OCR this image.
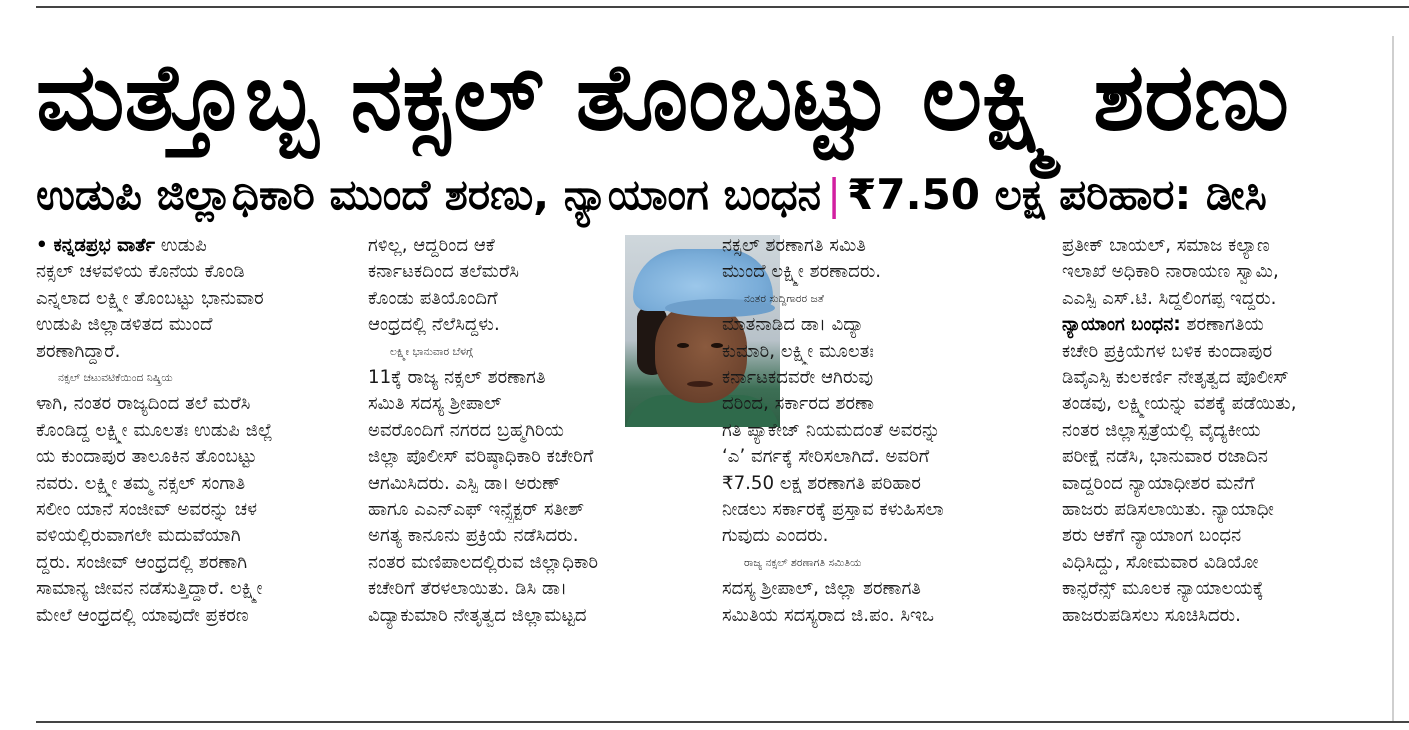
ಮತ್ತೊಬ್ಬ ನಕ್ಸಲ್ ತೊಂಬಟ್ಟು ಲಕ್ಷ್ಮಿ ಶರಣು
ಉಡುಪಿ ಜಿಲ್ಲಾಧಿಕಾರಿ ಮುಂದೆ ಶರಣು, ನ್ಯಾಯಾಂಗ ಬಂಧನ | ₹7.50 ಲಕ್ಷ ಪರಿಹಾರ: ಡೀಸಿ
• ಕನ್ನಡಪ್ರಭ ವಾರ್ತೆ ಉಡುಪಿ
ನಕ್ಸಲ್ ಚಳವಳಿಯ ಕೊನೆಯ ಕೊಂಡಿ
ಎನ್ನಲಾದ ಲಕ್ಷ್ಮೀ ತೊಂಬಟ್ಟು ಭಾನುವಾರ
ಉಡುಪಿ ಜಿಲ್ಲಾಡಳಿತದ ಮುಂದೆ
ಶರಣಾಗಿದ್ದಾರೆ.
ನಕ್ಸಲ್ ಚಟುವಟಿಕೆಯಿಂದ ನಿಷ್ಕ್ರಿಯ
ಳಾಗಿ, ನಂತರ ರಾಜ್ಯದಿಂದ ತಲೆ ಮರೆಸಿ
ಕೊಂಡಿದ್ದ ಲಕ್ಷ್ಮೀ ಮೂಲತಃ ಉಡುಪಿ ಜಿಲ್ಲೆ
ಯ ಕುಂದಾಪುರ ತಾಲೂಕಿನ ತೊಂಬಟ್ಟು
ನವರು. ಲಕ್ಷ್ಮೀ ತಮ್ಮ ನಕ್ಸಲ್ ಸಂಗಾತಿ
ಸಲೀಂ ಯಾನೆ ಸಂಜೀವ್ ಅವರನ್ನು ಚಳ
ವಳಿಯಲ್ಲಿರುವಾಗಲೇ ಮದುವೆಯಾಗಿ
ದ್ದರು. ಸಂಜೀವ್ ಆಂಧ್ರದಲ್ಲಿ ಶರಣಾಗಿ
ಸಾಮಾನ್ಯ ಜೀವನ ನಡೆಸುತ್ತಿದ್ದಾರೆ. ಲಕ್ಷ್ಮೀ
ಮೇಲೆ ಆಂಧ್ರದಲ್ಲಿ ಯಾವುದೇ ಪ್ರಕರಣ
ಗಳಿಲ್ಲ, ಆದ್ದರಿಂದ ಆಕೆ
ಕರ್ನಾಟಕದಿಂದ ತಲೆಮರೆಸಿ
ಕೊಂಡು ಪತಿಯೊಂದಿಗೆ
ಆಂಧ್ರದಲ್ಲಿ ನೆಲೆಸಿದ್ದಳು.
ಲಕ್ಷ್ಮೀ ಭಾನುವಾರ ಬೆಳಗ್ಗೆ
11ಕ್ಕೆ ರಾಜ್ಯ ನಕ್ಸಲ್ ಶರಣಾಗತಿ
ಸಮಿತಿ ಸದಸ್ಯ ಶ್ರೀಪಾಲ್
ಅವರೊಂದಿಗೆ ನಗರದ ಬ್ರಹ್ಮಗಿರಿಯ
ಜಿಲ್ಲಾ ಪೊಲೀಸ್ ವರಿಷ್ಠಾಧಿಕಾರಿ ಕಚೇರಿಗೆ
ಆಗಮಿಸಿದರು. ಎಸ್ಪಿ ಡಾ। ಅರುಣ್
ಹಾಗೂ ಎಎನ್ಎಫ್ ಇನ್ಸ್ಪೆಕ್ಟರ್ ಸತೀಶ್
ಅಗತ್ಯ ಕಾನೂನು ಪ್ರಕ್ರಿಯೆ ನಡೆಸಿದರು.
ನಂತರ ಮಣಿಪಾಲದಲ್ಲಿರುವ ಜಿಲ್ಲಾಧಿಕಾರಿ
ಕಚೇರಿಗೆ ತೆರಳಲಾಯಿತು. ಡಿಸಿ ಡಾ।
ವಿದ್ಯಾಕುಮಾರಿ ನೇತೃತ್ವದ ಜಿಲ್ಲಾಮಟ್ಟದ
ನಕ್ಸಲ್ ಶರಣಾಗತಿ ಸಮಿತಿ
ಮುಂದೆ ಲಕ್ಷ್ಮೀ ಶರಣಾದರು.
ನಂತರ ಸುದ್ದಿಗಾರರ ಜತೆ
ಮಾತನಾಡಿದ ಡಾ। ವಿದ್ಯಾ
ಕುಮಾರಿ, ಲಕ್ಷ್ಮೀ ಮೂಲತಃ
ಕರ್ನಾಟಕದವರೇ ಆಗಿರುವು
ದರಿಂದ, ಸರ್ಕಾರದ ಶರಣಾ
ಗತಿ ಪ್ಯಾಕೇಜ್ ನಿಯಮದಂತೆ ಅವರನ್ನು
‘ಎ’ ವರ್ಗಕ್ಕೆ ಸೇರಿಸಲಾಗಿದೆ. ಅವರಿಗೆ
₹7.50 ಲಕ್ಷ ಶರಣಾಗತಿ ಪರಿಹಾರ
ನೀಡಲು ಸರ್ಕಾರಕ್ಕೆ ಪ್ರಸ್ತಾವ ಕಳುಹಿಸಲಾ
ಗುವುದು ಎಂದರು.
ರಾಜ್ಯ ನಕ್ಸಲ್ ಶರಣಾಗತಿ ಸಮಿತಿಯ
ಸದಸ್ಯ ಶ್ರೀಪಾಲ್, ಜಿಲ್ಲಾ ಶರಣಾಗತಿ
ಸಮಿತಿಯ ಸದಸ್ಯರಾದ ಜಿ.ಪಂ. ಸಿಇಒ
ಪ್ರತೀಕ್ ಬಾಯಲ್, ಸಮಾಜ ಕಲ್ಯಾಣ
ಇಲಾಖೆ ಅಧಿಕಾರಿ ನಾರಾಯಣ ಸ್ವಾಮಿ,
ಎಎಸ್ಪಿ ಎಸ್.ಟಿ. ಸಿದ್ದಲಿಂಗಪ್ಪ ಇದ್ದರು.
ನ್ಯಾಯಾಂಗ ಬಂಧನ: ಶರಣಾಗತಿಯ
ಕಚೇರಿ ಪ್ರಕ್ರಿಯೆಗಳ ಬಳಿಕ ಕುಂದಾಪುರ
ಡಿವೈಎಸ್ಪಿ ಕುಲಕರ್ಣಿ ನೇತೃತ್ವದ ಪೊಲೀಸ್
ತಂಡವು, ಲಕ್ಷ್ಮೀಯನ್ನು ವಶಕ್ಕೆ ಪಡೆಯಿತು,
ನಂತರ ಜಿಲ್ಲಾಸ್ಪತ್ರೆಯಲ್ಲಿ ವೈದ್ಯಕೀಯ
ಪರೀಕ್ಷೆ ನಡೆಸಿ, ಭಾನುವಾರ ರಜಾದಿನ
ವಾದ್ದರಿಂದ ನ್ಯಾಯಾಧೀಶರ ಮನೆಗೆ
ಹಾಜರು ಪಡಿಸಲಾಯಿತು. ನ್ಯಾಯಾಧೀ
ಶರು ಆಕೆಗೆ ನ್ಯಾಯಾಂಗ ಬಂಧನ
ವಿಧಿಸಿದ್ದು, ಸೋಮವಾರ ವಿಡಿಯೋ
ಕಾನ್ಫರೆನ್ಸ್ ಮೂಲಕ ನ್ಯಾಯಾಲಯಕ್ಕೆ
ಹಾಜರುಪಡಿಸಲು ಸೂಚಿಸಿದರು.
